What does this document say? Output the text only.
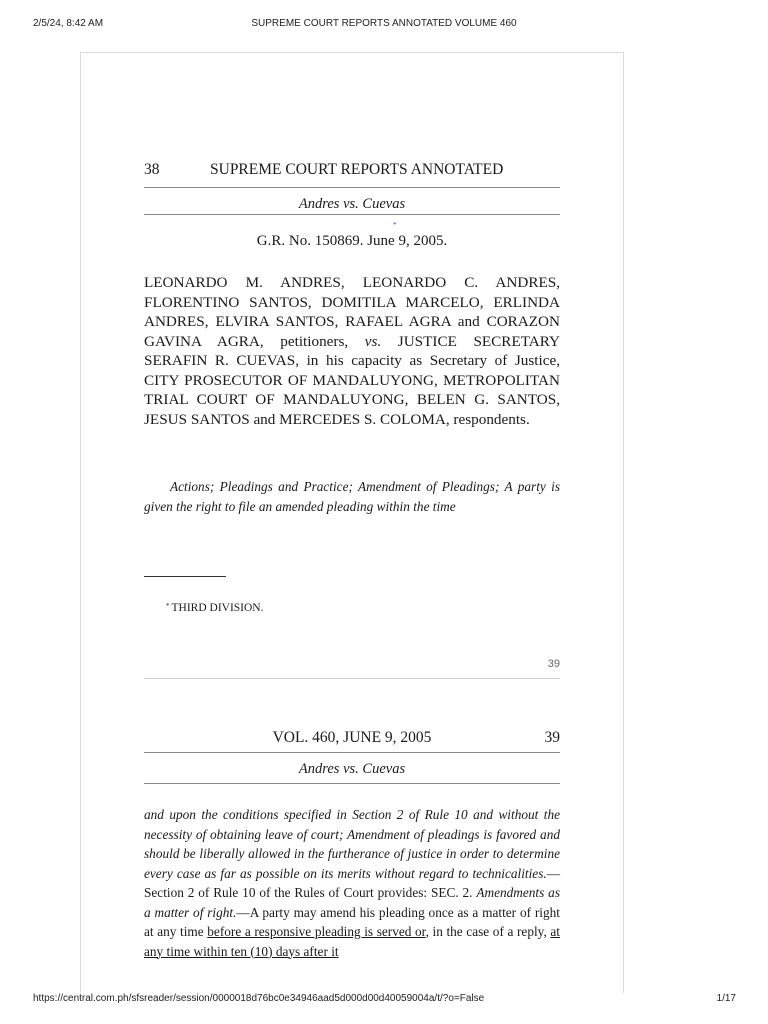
2/5/24, 8:42 AM	SUPREME COURT REPORTS ANNOTATED VOLUME 460
38	SUPREME COURT REPORTS ANNOTATED
Andres vs. Cuevas
*
G.R. No. 150869. June 9, 2005.
LEONARDO M. ANDRES, LEONARDO C. ANDRES, FLORENTINO SANTOS, DOMITILA MARCELO, ERLINDA ANDRES, ELVIRA SANTOS, RAFAEL AGRA and CORAZON GAVINA AGRA, petitioners, vs. JUSTICE SECRETARY SERAFIN R. CUEVAS, in his capacity as Secretary of Justice, CITY PROSECUTOR OF MANDALUYONG, METROPOLITAN TRIAL COURT OF MANDALUYONG, BELEN G. SANTOS, JESUS SANTOS and MERCEDES S. COLOMA, respondents.
Actions; Pleadings and Practice; Amendment of Pleadings; A party is given the right to file an amended pleading within the time
* THIRD DIVISION.
39
VOL. 460, JUNE 9, 2005	39
Andres vs. Cuevas
and upon the conditions specified in Section 2 of Rule 10 and without the necessity of obtaining leave of court; Amendment of pleadings is favored and should be liberally allowed in the furtherance of justice in order to determine every case as far as possible on its merits without regard to technicalities.—Section 2 of Rule 10 of the Rules of Court provides: SEC. 2. Amendments as a matter of right.—A party may amend his pleading once as a matter of right at any time before a responsive pleading is served or, in the case of a reply, at any time within ten (10) days after it
https://central.com.ph/sfsreader/session/0000018d76bc0e34946aad5d000d00d40059004a/t/?o=False	1/17
